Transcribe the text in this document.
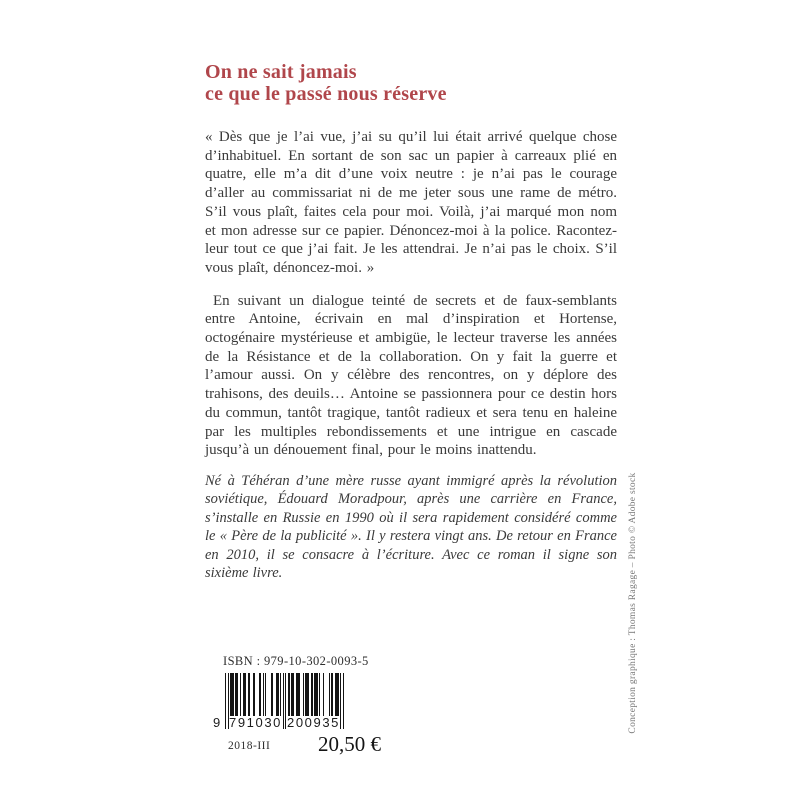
On ne sait jamais
ce que le passé nous réserve

« Dès que je l’ai vue, j’ai su qu’il lui était arrivé quelque chose d’inhabituel. En sortant de son sac un papier à carreaux plié en quatre, elle m’a dit d’une voix neutre : je n’ai pas le courage d’aller au commissariat ni de me jeter sous une rame de métro. S’il vous plaît, faites cela pour moi. Voilà, j’ai marqué mon nom et mon adresse sur ce papier. Dénoncez-moi à la police. Racontez-leur tout ce que j’ai fait. Je les attendrai. Je n’ai pas le choix. S’il vous plaît, dénoncez-moi. »

En suivant un dialogue teinté de secrets et de faux-semblants entre Antoine, écrivain en mal d’inspiration et Hortense, octogénaire mystérieuse et ambigüe, le lecteur traverse les années de la Résistance et de la collaboration. On y fait la guerre et l’amour aussi. On y célèbre des rencontres, on y déplore des trahisons, des deuils… Antoine se passionnera pour ce destin hors du commun, tantôt tragique, tantôt radieux et sera tenu en haleine par les multiples rebondissements et une intrigue en cascade jusqu’à un dénouement final, pour le moins inattendu.

Né à Téhéran d’une mère russe ayant immigré après la révolution soviétique, Édouard Moradpour, après une carrière en France, s’installe en Russie en 1990 où il sera rapidement considéré comme le « Père de la publicité ». Il y restera vingt ans. De retour en France en 2010, il se consacre à l’écriture. Avec ce roman il signe son sixième livre.

ISBN : 979-10-302-0093-5
9 791030 200935
2018-III 20,50 €
Conception graphique : Thomas Ragage – Photo © Adobe stock
